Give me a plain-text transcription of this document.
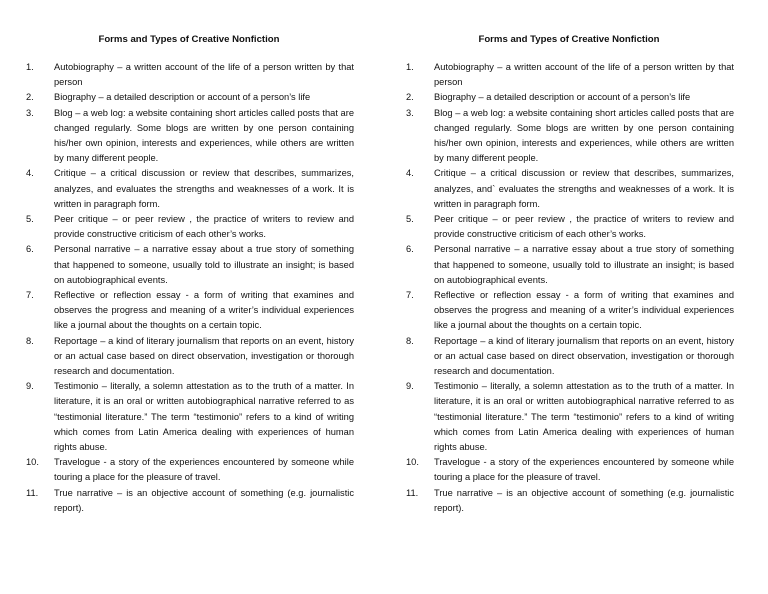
Forms and Types of Creative Nonfiction
1.	Autobiography – a written account of the life of a person written by that person
2.	Biography – a detailed description or account of a person’s life
3.	Blog – a web log: a website containing short articles called posts that are changed regularly. Some blogs are written by one person containing his/her own opinion, interests and experiences, while others are written by many different people.
4.	Critique – a critical discussion or review that describes, summarizes, analyzes, and evaluates the strengths and weaknesses of a work. It is written in paragraph form.
5.	Peer critique – or peer review , the practice of writers to review and provide constructive criticism of each other’s works.
6.	Personal narrative – a narrative essay about a true story of something that happened to someone, usually told to illustrate an insight; is based on autobiographical events.
7.	Reflective or reflection essay - a form of writing that examines and observes the progress and meaning of a writer’s individual experiences like a journal about the thoughts on a certain topic.
8.	Reportage – a kind of literary journalism that reports on an event, history or an actual case based on direct observation, investigation or thorough research and documentation.
9.	Testimonio – literally, a solemn attestation as to the truth of a matter. In literature, it is an oral or written autobiographical narrative referred to as “testimonial literature.” The term “testimonio” refers to a kind of writing which comes from Latin America dealing with experiences of human rights abuse.
10.	Travelogue - a story of the experiences encountered by someone while touring a place for the pleasure of travel.
11.	True narrative – is an objective account of something (e.g. journalistic report).
Forms and Types of Creative Nonfiction
1.	Autobiography – a written account of the life of a person written by that person
2.	Biography – a detailed description or account of a person’s life
3.	Blog – a web log: a website containing short articles called posts that are changed regularly. Some blogs are written by one person containing his/her own opinion, interests and experiences, while others are written by many different people.
4.	Critique – a critical discussion or review that describes, summarizes, analyzes, and` evaluates the strengths and weaknesses of a work. It is written in paragraph form.
5.	Peer critique – or peer review , the practice of writers to review and provide constructive criticism of each other’s works.
6.	Personal narrative – a narrative essay about a true story of something that happened to someone, usually told to illustrate an insight; is based on autobiographical events.
7.	Reflective or reflection essay - a form of writing that examines and observes the progress and meaning of a writer’s individual experiences like a journal about the thoughts on a certain topic.
8.	Reportage – a kind of literary journalism that reports on an event, history or an actual case based on direct observation, investigation or thorough research and documentation.
9.	Testimonio – literally, a solemn attestation as to the truth of a matter. In literature, it is an oral or written autobiographical narrative referred to as “testimonial literature.” The term “testimonio” refers to a kind of writing which comes from Latin America dealing with experiences of human rights abuse.
10.	Travelogue - a story of the experiences encountered by someone while touring a place for the pleasure of travel.
11.	True narrative – is an objective account of something (e.g. journalistic report).
